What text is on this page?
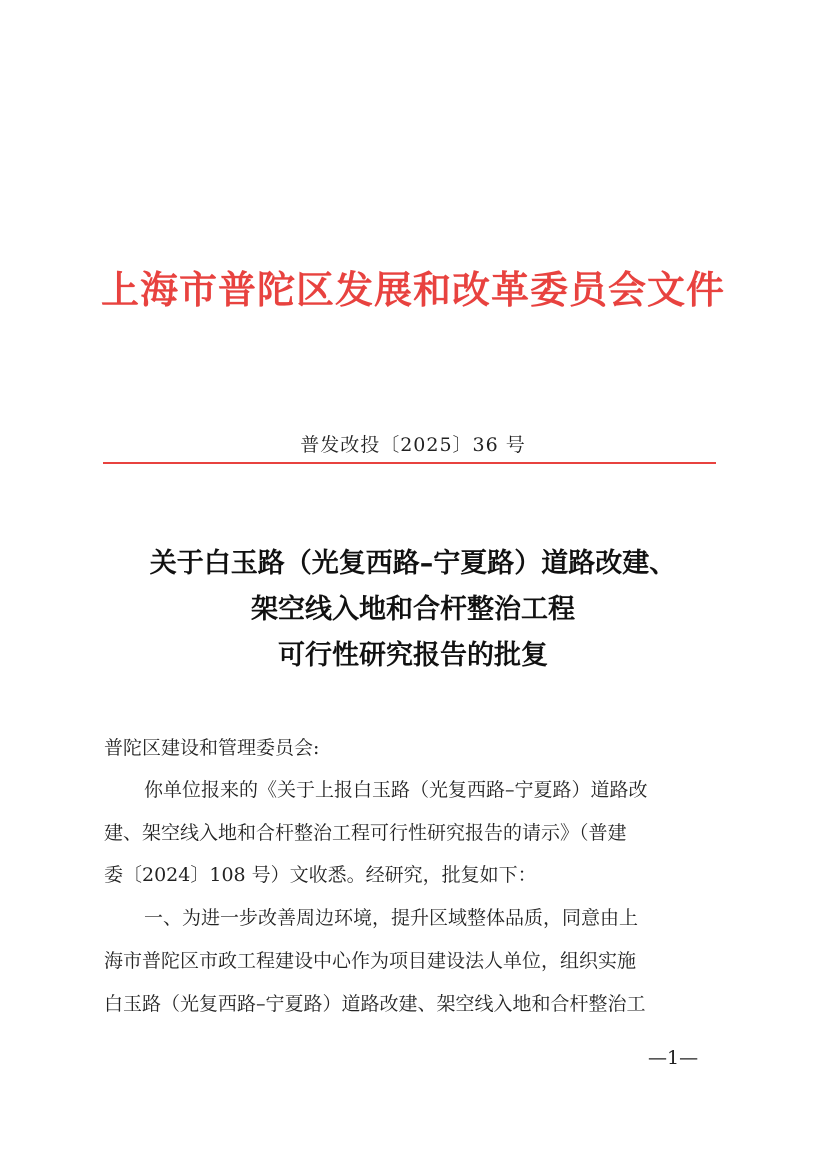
上海市普陀区发展和改革委员会文件
普发改投〔2025〕36 号
关于白玉路（光复西路–宁夏路）道路改建、
架空线入地和合杆整治工程
可行性研究报告的批复
普陀区建设和管理委员会:
你单位报来的《关于上报白玉路（光复西路–宁夏路）道路改
建、架空线入地和合杆整治工程可行性研究报告的请示》（普建
委〔2024〕108 号）文收悉。经研究，批复如下：
一、为进一步改善周边环境，提升区域整体品质，同意由上
海市普陀区市政工程建设中心作为项目建设法人单位，组织实施
白玉路（光复西路–宁夏路）道路改建、架空线入地和合杆整治工
—1—
